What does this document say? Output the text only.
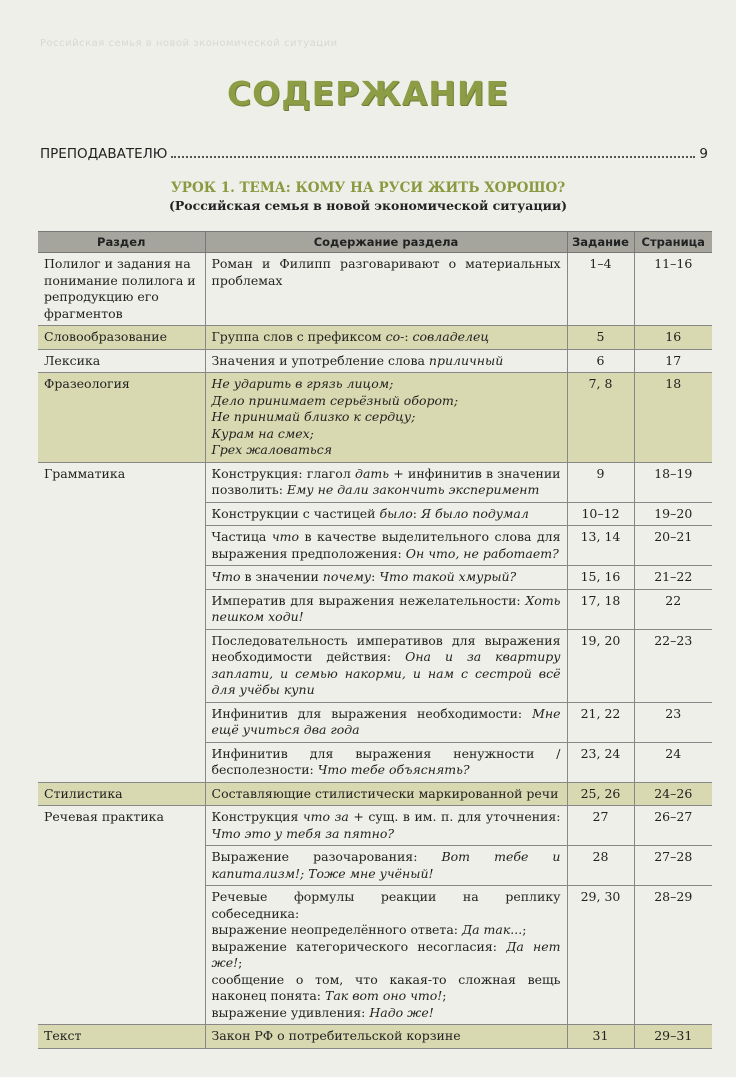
Российская семья в новой экономической ситуации
СОДЕРЖАНИЕ
ПРЕПОДАВАТЕЛЮ	9
УРОК 1. ТЕМА: КОМУ НА РУСИ ЖИТЬ ХОРОШО?
(Российская семья в новой экономической ситуации)
Раздел	Содержание раздела	Задание	Страница
Полилог и задания на понимание полилога и репродукцию его фрагментов	Роман и Филипп разговаривают о материальных проблемах	1–4	11–16
Словообразование	Группа слов с префиксом со-: совладелец	5	16
Лексика	Значения и употребление слова приличный	6	17
Фразеология	Не ударить в грязь лицом;
Дело принимает серьёзный оборот;
Не принимай близко к сердцу;
Курам на смех;
Грех жаловаться	7, 8	18
Грамматика	Конструкция: глагол дать + инфинитив в значении позволить: Ему не дали закончить эксперимент	9	18–19
	Конструкции с частицей было: Я было подумал	10–12	19–20
	Частица что в качестве выделительного слова для выражения предположения: Он что, не работает?	13, 14	20–21
	Что в значении почему: Что такой хмурый?	15, 16	21–22
	Императив для выражения нежелательности: Хоть пешком ходи!	17, 18	22
	Последовательность императивов для выражения необходимости действия: Она и за квартиру заплати, и семью накорми, и нам с сестрой всё для учёбы купи	19, 20	22–23
	Инфинитив для выражения необходимости: Мне ещё учиться два года	21, 22	23
	Инфинитив для выражения ненужности / бесполезности: Что тебе объяснять?	23, 24	24
Стилистика	Составляющие стилистически маркированной речи	25, 26	24–26
Речевая практика	Конструкция что за + сущ. в им. п. для уточнения: Что это у тебя за пятно?	27	26–27
	Выражение разочарования: Вот тебе и капитализм!; Тоже мне учёный!	28	27–28
	Речевые формулы реакции на реплику собеседника:
выражение неопределённого ответа: Да так...;
выражение категорического несогласия: Да нет же!;
сообщение о том, что какая-то сложная вещь наконец понята: Так вот оно что!;
выражение удивления: Надо же!	29, 30	28–29
Текст	Закон РФ о потребительской корзине	31	29–31
